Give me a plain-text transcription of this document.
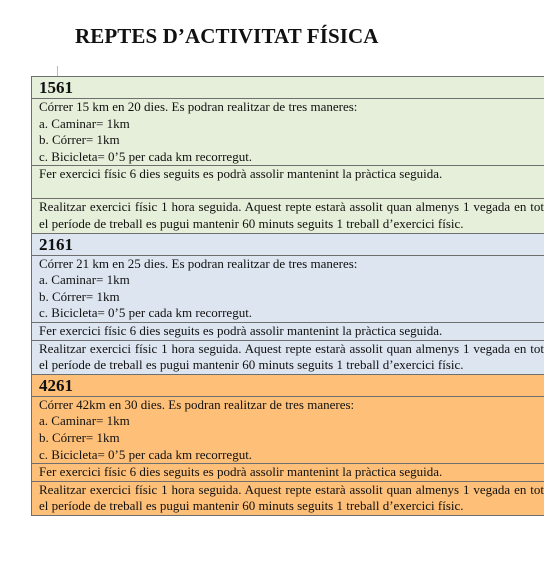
REPTES D’ACTIVITAT FÍSICA
1561

Córrer 15 km en 20 dies. Es podran realitzar de tres maneres:
a. Caminar= 1km
b. Córrer= 1km
c. Bicicleta= 0’5 per cada km recorregut.

Fer exercici físic 6 dies seguits es podrà assolir mantenint la pràctica seguida.
Realitzar exercici físic 1 hora seguida. Aquest repte estarà assolit quan almenys 1 vegada en tot el període de treball es pugui mantenir 60 minuts seguits 1 treball d’exercici físic.
2161

Córrer 21 km en 25 dies. Es podran realitzar de tres maneres:
a. Caminar= 1km
b. Córrer= 1km
c. Bicicleta= 0’5 per cada km recorregut.

Fer exercici físic 6 dies seguits es podrà assolir mantenint la pràctica seguida.
Realitzar exercici físic 1 hora seguida. Aquest repte estarà assolit quan almenys 1 vegada en tot el període de treball es pugui mantenir 60 minuts seguits 1 treball d’exercici físic.
4261

Córrer 42km en 30 dies. Es podran realitzar de tres maneres:
a. Caminar= 1km
b. Córrer= 1km
c. Bicicleta= 0’5 per cada km recorregut.

Fer exercici físic 6 dies seguits es podrà assolir mantenint la pràctica seguida.
Realitzar exercici físic 1 hora seguida. Aquest repte estarà assolit quan almenys 1 vegada en tot el període de treball es pugui mantenir 60 minuts seguits 1 treball d’exercici físic.
